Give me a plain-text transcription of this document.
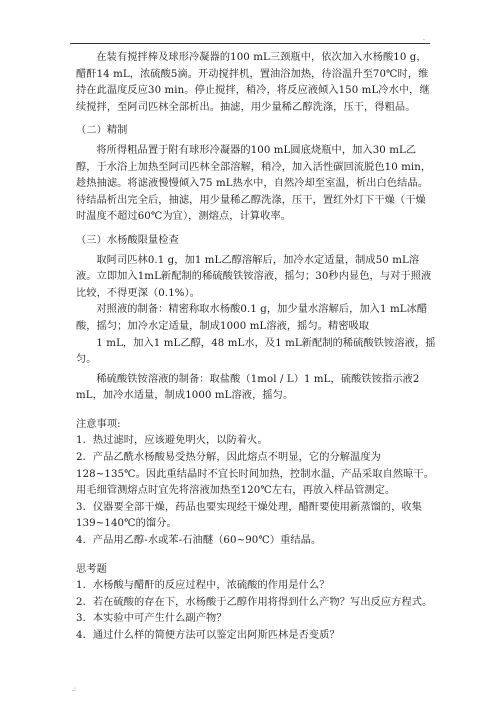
.

在装有搅拌棒及球形冷凝器的100 mL三颈瓶中，依次加入水杨酸10 g，醋酐14 mL，浓硫酸5滴。开动搅拌机，置油浴加热，待浴温升至70℃时，维持在此温度反应30 min。停止搅拌，稍冷，将反应液倾入150 mL冷水中，继续搅拌，至阿司匹林全部析出。抽滤，用少量稀乙醇洗涤，压干，得粗品。

（二）精制

将所得粗品置于附有球形冷凝器的100 mL圆底烧瓶中，加入30 mL乙醇，于水浴上加热至阿司匹林全部溶解，稍冷，加入活性碳回流脱色10 min，趁热抽滤。将滤液慢慢倾入75 mL热水中，自然冷却至室温，析出白色结晶。待结晶析出完全后，抽滤，用少量稀乙醇洗涤，压干，置红外灯下干燥（干燥时温度不超过60℃为宜），测熔点，计算收率。

（三）水杨酸限量检查

取阿司匹林0.1 g，加1 mL乙醇溶解后，加冷水定适量，制成50 mL溶液。立即加入1mL新配制的稀硫酸铁铵溶液，摇匀；30秒内显色，与对于照液比较，不得更深（0.1%）。

对照液的制备：精密称取水杨酸0.1 g，加少量水溶解后，加入1 mL冰醋酸，摇匀；加冷水定适量，制成1000 mL溶液，摇匀。精密吸取

1 mL，加入1 mL乙醇，48 mL水，及1 mL新配制的稀硫酸铁铵溶液，摇匀。

稀硫酸铁铵溶液的制备：取盐酸（1mol / L）1 mL，硫酸铁铵指示液2 mL，加冷水适量，制成1000 mL溶液，摇匀。

注意事项:

1．热过滤时，应该避免明火，以防着火。

2．产品乙酰水杨酸易受热分解，因此熔点不明显，它的分解温度为128~135℃。因此重结晶时不宜长时间加热，控制水温，产品采取自然晾干。用毛细管测熔点时宜先将溶液加热至120℃左右，再放入样品管测定。

3．仪器要全部干燥，药品也要实现经干燥处理，醋酐要使用新蒸馏的，收集139~140℃的馏分。

4．产品用乙醇-水或苯-石油醚（60~90℃）重结晶。

思考题

1．水杨酸与醋酐的反应过程中，浓硫酸的作用是什么？

2．若在硫酸的存在下，水杨酸于乙醇作用将得到什么产物？写出反应方程式。

3．本实验中可产生什么副产物？

4．通过什么样的简便方法可以鉴定出阿斯匹林是否变质？

.:
